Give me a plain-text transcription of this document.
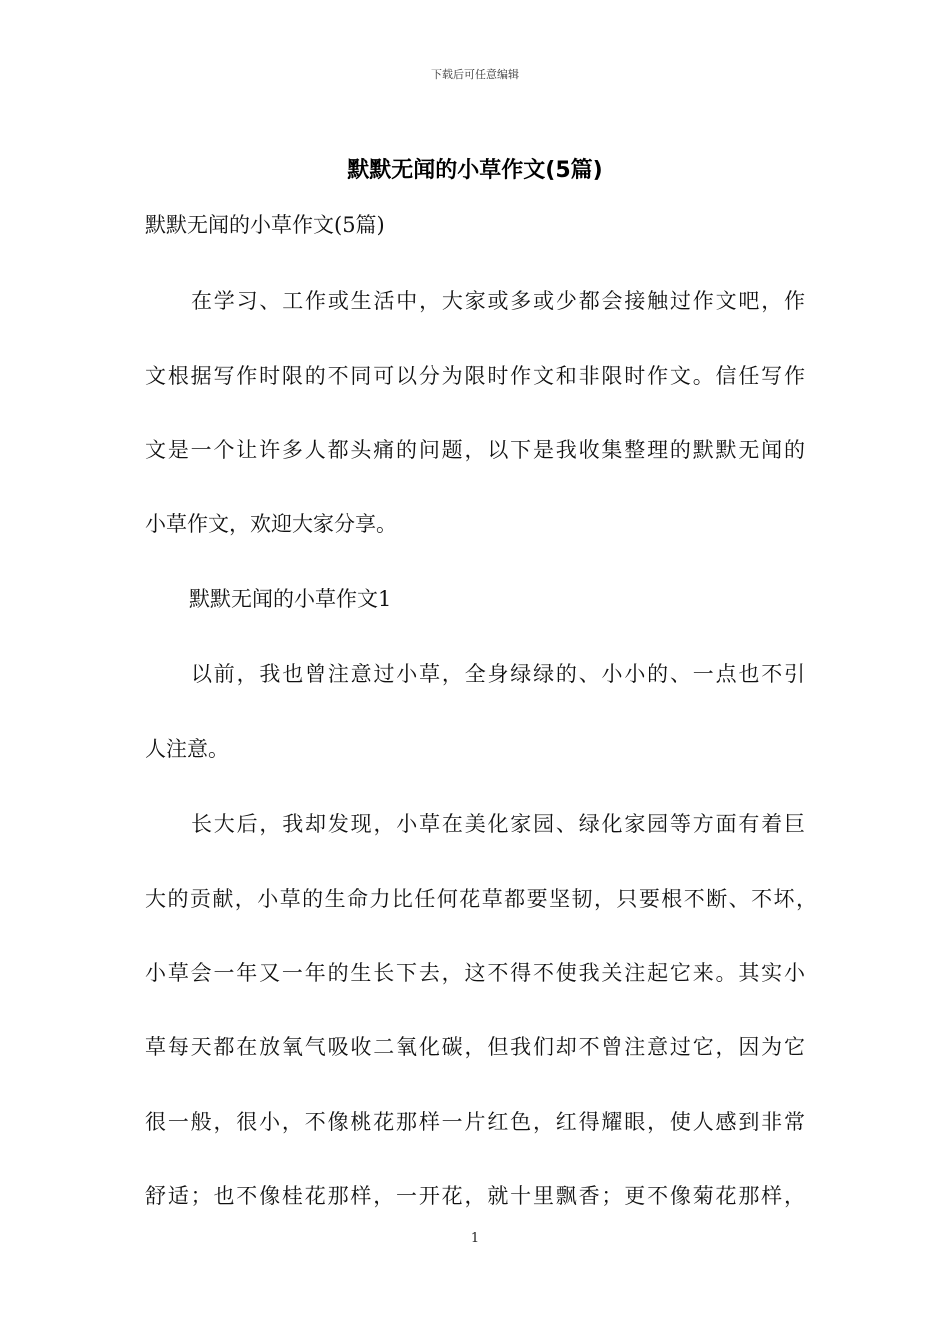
下载后可任意编辑
默默无闻的小草作文(5篇)
默默无闻的小草作文(5篇)
在学习、工作或生活中，大家或多或少都会接触过作文吧，作
文根据写作时限的不同可以分为限时作文和非限时作文。信任写作
文是一个让许多人都头痛的问题，以下是我收集整理的默默无闻的
小草作文，欢迎大家分享。
默默无闻的小草作文1
以前，我也曾注意过小草，全身绿绿的、小小的、一点也不引
人注意。
长大后，我却发现，小草在美化家园、绿化家园等方面有着巨
大的贡献，小草的生命力比任何花草都要坚韧，只要根不断、不坏，
小草会一年又一年的生长下去，这不得不使我关注起它来。其实小
草每天都在放氧气吸收二氧化碳，但我们却不曾注意过它，因为它
很一般，很小，不像桃花那样一片红色，红得耀眼，使人感到非常
舒适；也不像桂花那样，一开花，就十里飘香；更不像菊花那样，
1
